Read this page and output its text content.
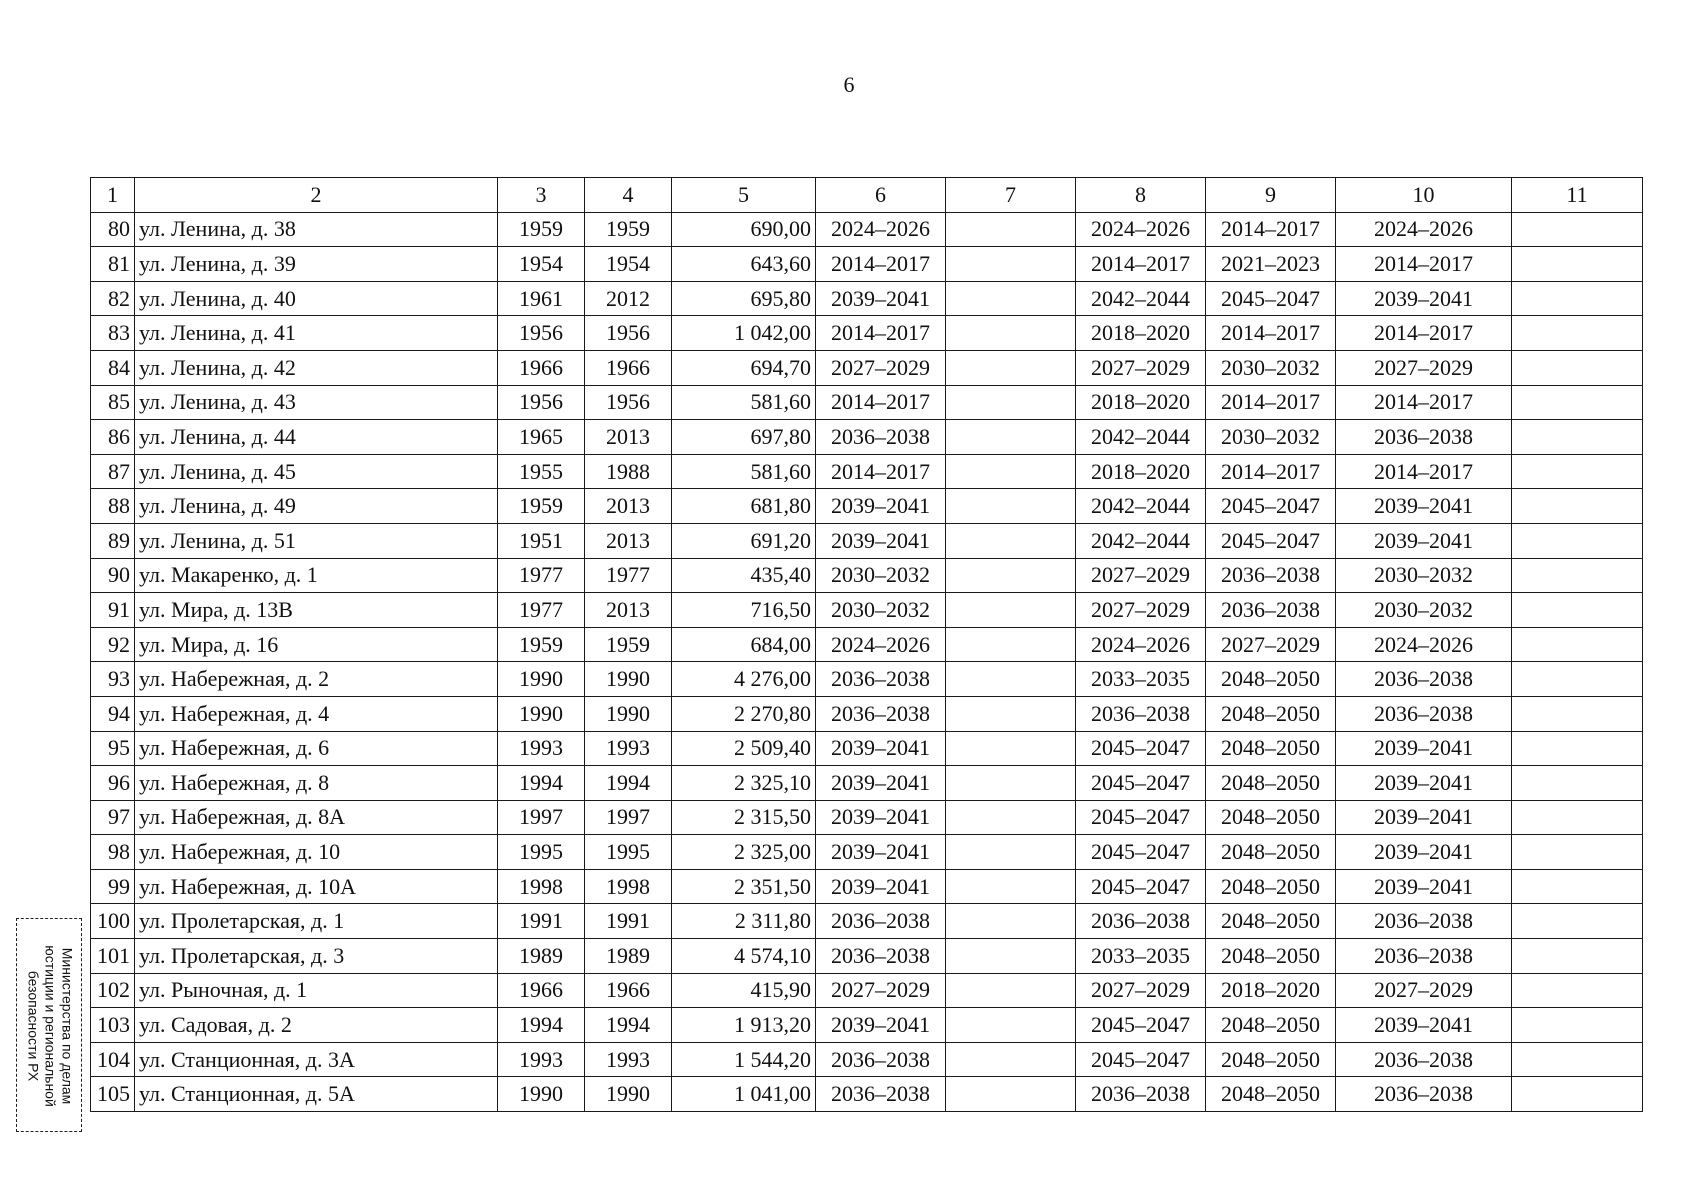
6
1	2	3	4	5	6	7	8	9	10	11
80	ул. Ленина, д. 38	1959	1959	690,00	2024–2026		2024–2026	2014–2017	2024–2026	
81	ул. Ленина, д. 39	1954	1954	643,60	2014–2017		2014–2017	2021–2023	2014–2017	
82	ул. Ленина, д. 40	1961	2012	695,80	2039–2041		2042–2044	2045–2047	2039–2041	
83	ул. Ленина, д. 41	1956	1956	1 042,00	2014–2017		2018–2020	2014–2017	2014–2017	
84	ул. Ленина, д. 42	1966	1966	694,70	2027–2029		2027–2029	2030–2032	2027–2029	
85	ул. Ленина, д. 43	1956	1956	581,60	2014–2017		2018–2020	2014–2017	2014–2017	
86	ул. Ленина, д. 44	1965	2013	697,80	2036–2038		2042–2044	2030–2032	2036–2038	
87	ул. Ленина, д. 45	1955	1988	581,60	2014–2017		2018–2020	2014–2017	2014–2017	
88	ул. Ленина, д. 49	1959	2013	681,80	2039–2041		2042–2044	2045–2047	2039–2041	
89	ул. Ленина, д. 51	1951	2013	691,20	2039–2041		2042–2044	2045–2047	2039–2041	
90	ул. Макаренко, д. 1	1977	1977	435,40	2030–2032		2027–2029	2036–2038	2030–2032	
91	ул. Мира, д. 13В	1977	2013	716,50	2030–2032		2027–2029	2036–2038	2030–2032	
92	ул. Мира, д. 16	1959	1959	684,00	2024–2026		2024–2026	2027–2029	2024–2026	
93	ул. Набережная, д. 2	1990	1990	4 276,00	2036–2038		2033–2035	2048–2050	2036–2038	
94	ул. Набережная, д. 4	1990	1990	2 270,80	2036–2038		2036–2038	2048–2050	2036–2038	
95	ул. Набережная, д. 6	1993	1993	2 509,40	2039–2041		2045–2047	2048–2050	2039–2041	
96	ул. Набережная, д. 8	1994	1994	2 325,10	2039–2041		2045–2047	2048–2050	2039–2041	
97	ул. Набережная, д. 8А	1997	1997	2 315,50	2039–2041		2045–2047	2048–2050	2039–2041	
98	ул. Набережная, д. 10	1995	1995	2 325,00	2039–2041		2045–2047	2048–2050	2039–2041	
99	ул. Набережная, д. 10А	1998	1998	2 351,50	2039–2041		2045–2047	2048–2050	2039–2041	
100	ул. Пролетарская, д. 1	1991	1991	2 311,80	2036–2038		2036–2038	2048–2050	2036–2038	
101	ул. Пролетарская, д. 3	1989	1989	4 574,10	2036–2038		2033–2035	2048–2050	2036–2038	
102	ул. Рыночная, д. 1	1966	1966	415,90	2027–2029		2027–2029	2018–2020	2027–2029	
103	ул. Садовая, д. 2	1994	1994	1 913,20	2039–2041		2045–2047	2048–2050	2039–2041	
104	ул. Станционная, д. 3А	1993	1993	1 544,20	2036–2038		2045–2047	2048–2050	2036–2038	
105	ул. Станционная, д. 5А	1990	1990	1 041,00	2036–2038		2036–2038	2048–2050	2036–2038	
Министерства по делам
юстиции и региональной
безопасности РХ
